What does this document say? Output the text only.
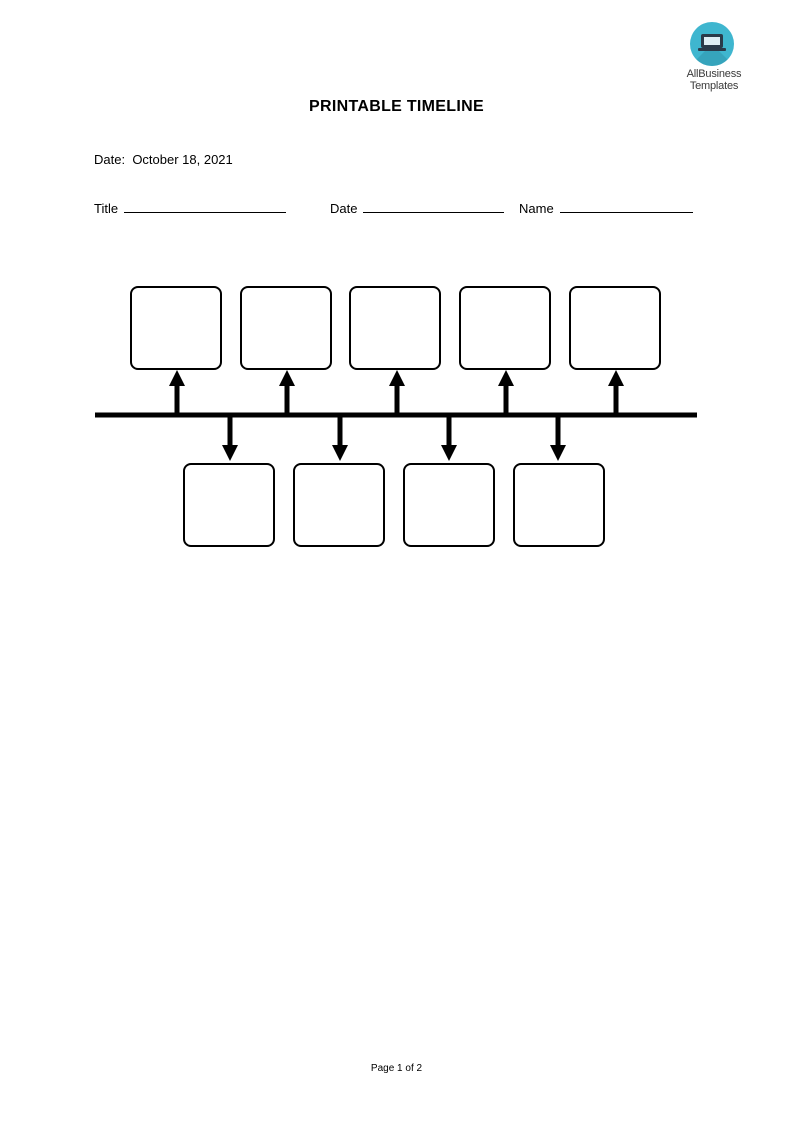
AllBusiness
Templates
PRINTABLE TIMELINE
Date: October 18, 2021
Title	Date	Name
Page 1 of 2
